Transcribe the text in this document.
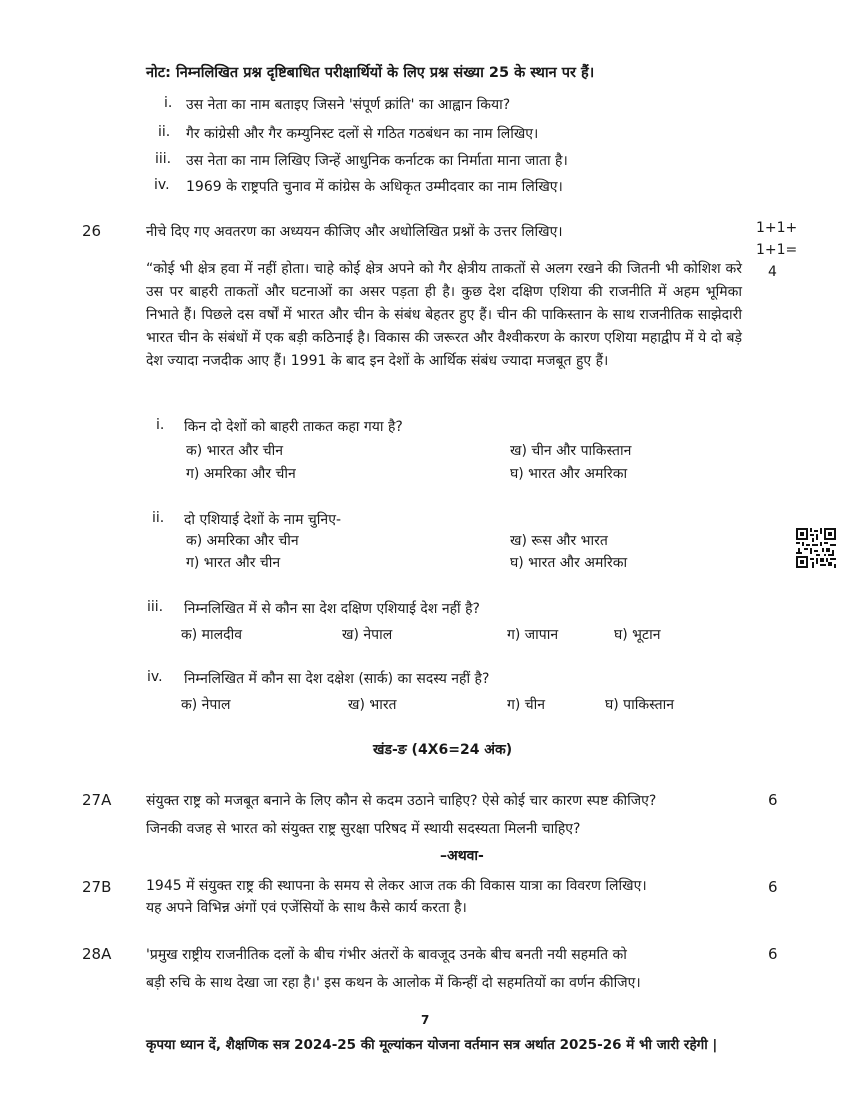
नोट: निम्नलिखित प्रश्न दृष्टिबाधित परीक्षार्थियों के लिए प्रश्न संख्या 25 के स्थान पर हैं।
i. उस नेता का नाम बताइए जिसने 'संपूर्ण क्रांति' का आह्वान किया?
ii. गैर कांग्रेसी और गैर कम्युनिस्ट दलों से गठित गठबंधन का नाम लिखिए।
iii. उस नेता का नाम लिखिए जिन्हें आधुनिक कर्नाटक का निर्माता माना जाता है।
iv. 1969 के राष्ट्रपति चुनाव में कांग्रेस के अधिकृत उम्मीदवार का नाम लिखिए।
26	नीचे दिए गए अवतरण का अध्ययन कीजिए और अधोलिखित प्रश्नों के उत्तर लिखिए।	1+1+
1+1=
4
“कोई भी क्षेत्र हवा में नहीं होता। चाहे कोई क्षेत्र अपने को गैर क्षेत्रीय ताकतों से अलग रखने की जितनी भी कोशिश करे उस पर बाहरी ताकतों और घटनाओं का असर पड़ता ही है। कुछ देश दक्षिण एशिया की राजनीति में अहम भूमिका निभाते हैं। पिछले दस वर्षों में भारत और चीन के संबंध बेहतर हुए हैं। चीन की पाकिस्तान के साथ राजनीतिक साझेदारी भारत चीन के संबंधों में एक बड़ी कठिनाई है। विकास की जरूरत और वैश्वीकरण के कारण एशिया महाद्वीप में ये दो बड़े देश ज्यादा नजदीक आए हैं। 1991 के बाद इन देशों के आर्थिक संबंध ज्यादा मजबूत हुए हैं।
i. किन दो देशों को बाहरी ताकत कहा गया है?
क) भारत और चीन	ख) चीन और पाकिस्तान
ग) अमरिका और चीन	घ) भारत और अमरिका
ii. दो एशियाई देशों के नाम चुनिए-
क) अमरिका और चीन	ख) रूस और भारत
ग) भारत और चीन	घ) भारत और अमरिका
iii. निम्नलिखित में से कौन सा देश दक्षिण एशियाई देश नहीं है?
क) मालदीव	ख) नेपाल	ग) जापान	घ) भूटान
iv. निम्नलिखित में कौन सा देश दक्षेश (सार्क) का सदस्य नहीं है?
क) नेपाल	ख) भारत	ग) चीन	घ) पाकिस्तान
खंड-ङ (4X6=24 अंक)
27A संयुक्त राष्ट्र को मजबूत बनाने के लिए कौन से कदम उठाने चाहिए? ऐसे कोई चार कारण स्पष्ट कीजिए?
जिनकी वजह से भारत को संयुक्त राष्ट्र सुरक्षा परिषद में स्थायी सदस्यता मिलनी चाहिए?
6
–अथवा-
27B 1945 में संयुक्त राष्ट्र की स्थापना के समय से लेकर आज तक की विकास यात्रा का विवरण लिखिए।
यह अपने विभिन्न अंगों एवं एजेंसियों के साथ कैसे कार्य करता है।
6
28A 'प्रमुख राष्ट्रीय राजनीतिक दलों के बीच गंभीर अंतरों के बावजूद उनके बीच बनती नयी सहमति को
बड़ी रुचि के साथ देखा जा रहा है।' इस कथन के आलोक में किन्हीं दो सहमतियों का वर्णन कीजिए।
6
7
कृपया ध्यान दें, शैक्षणिक सत्र 2024-25 की मूल्यांकन योजना वर्तमान सत्र अर्थात 2025-26 में भी जारी रहेगी |
